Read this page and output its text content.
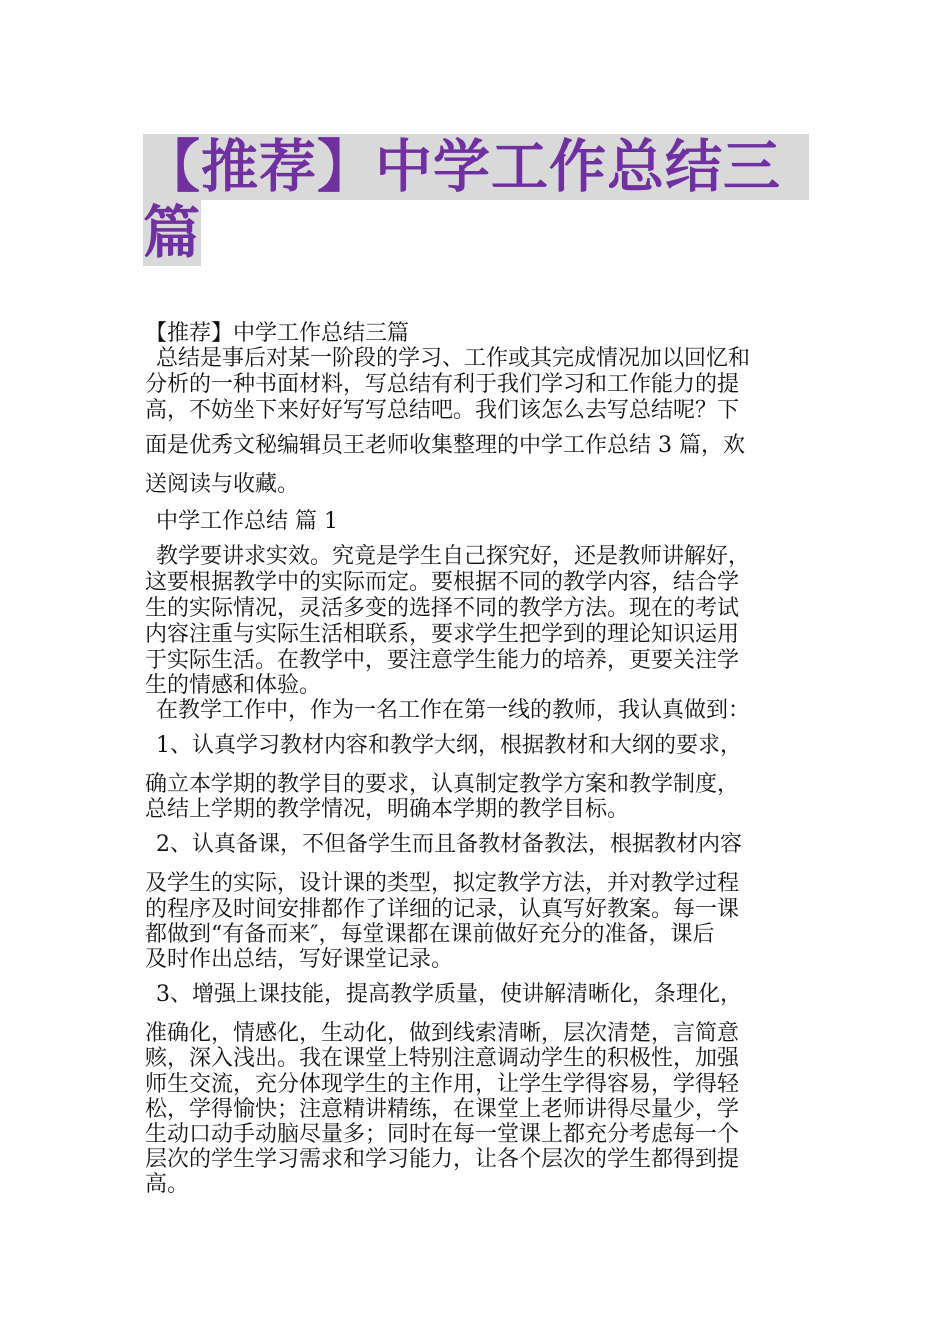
【推荐】中学工作总结三
篇
【推荐】中学工作总结三篇
总结是事后对某一阶段的学习、工作或其完成情况加以回忆和
分析的一种书面材料，写总结有利于我们学习和工作能力的提
高，不妨坐下来好好写写总结吧。我们该怎么去写总结呢？下
面是优秀文秘编辑员王老师收集整理的中学工作总结 3 篇，欢
送阅读与收藏。
中学工作总结 篇 1
教学要讲求实效。究竟是学生自己探究好，还是教师讲解好，
这要根据教学中的实际而定。要根据不同的教学内容，结合学
生的实际情况，灵活多变的选择不同的教学方法。现在的考试
内容注重与实际生活相联系，要求学生把学到的理论知识运用
于实际生活。在教学中，要注意学生能力的培养，更要关注学
生的情感和体验。
在教学工作中，作为一名工作在第一线的教师，我认真做到：
1、认真学习教材内容和教学大纲，根据教材和大纲的要求，
确立本学期的教学目的要求，认真制定教学方案和教学制度，
总结上学期的教学情况，明确本学期的教学目标。
2、认真备课，不但备学生而且备教材备教法，根据教材内容
及学生的实际，设计课的类型，拟定教学方法，并对教学过程
的程序及时间安排都作了详细的记录，认真写好教案。每一课
都做到“有备而来″，每堂课都在课前做好充分的准备，课后
及时作出总结，写好课堂记录。
3、增强上课技能，提高教学质量，使讲解清晰化，条理化，
准确化，情感化，生动化，做到线索清晰，层次清楚，言简意
赅，深入浅出。我在课堂上特别注意调动学生的积极性，加强
师生交流，充分体现学生的主作用，让学生学得容易，学得轻
松，学得愉快；注意精讲精练，在课堂上老师讲得尽量少，学
生动口动手动脑尽量多；同时在每一堂课上都充分考虑每一个
层次的学生学习需求和学习能力，让各个层次的学生都得到提
高。
